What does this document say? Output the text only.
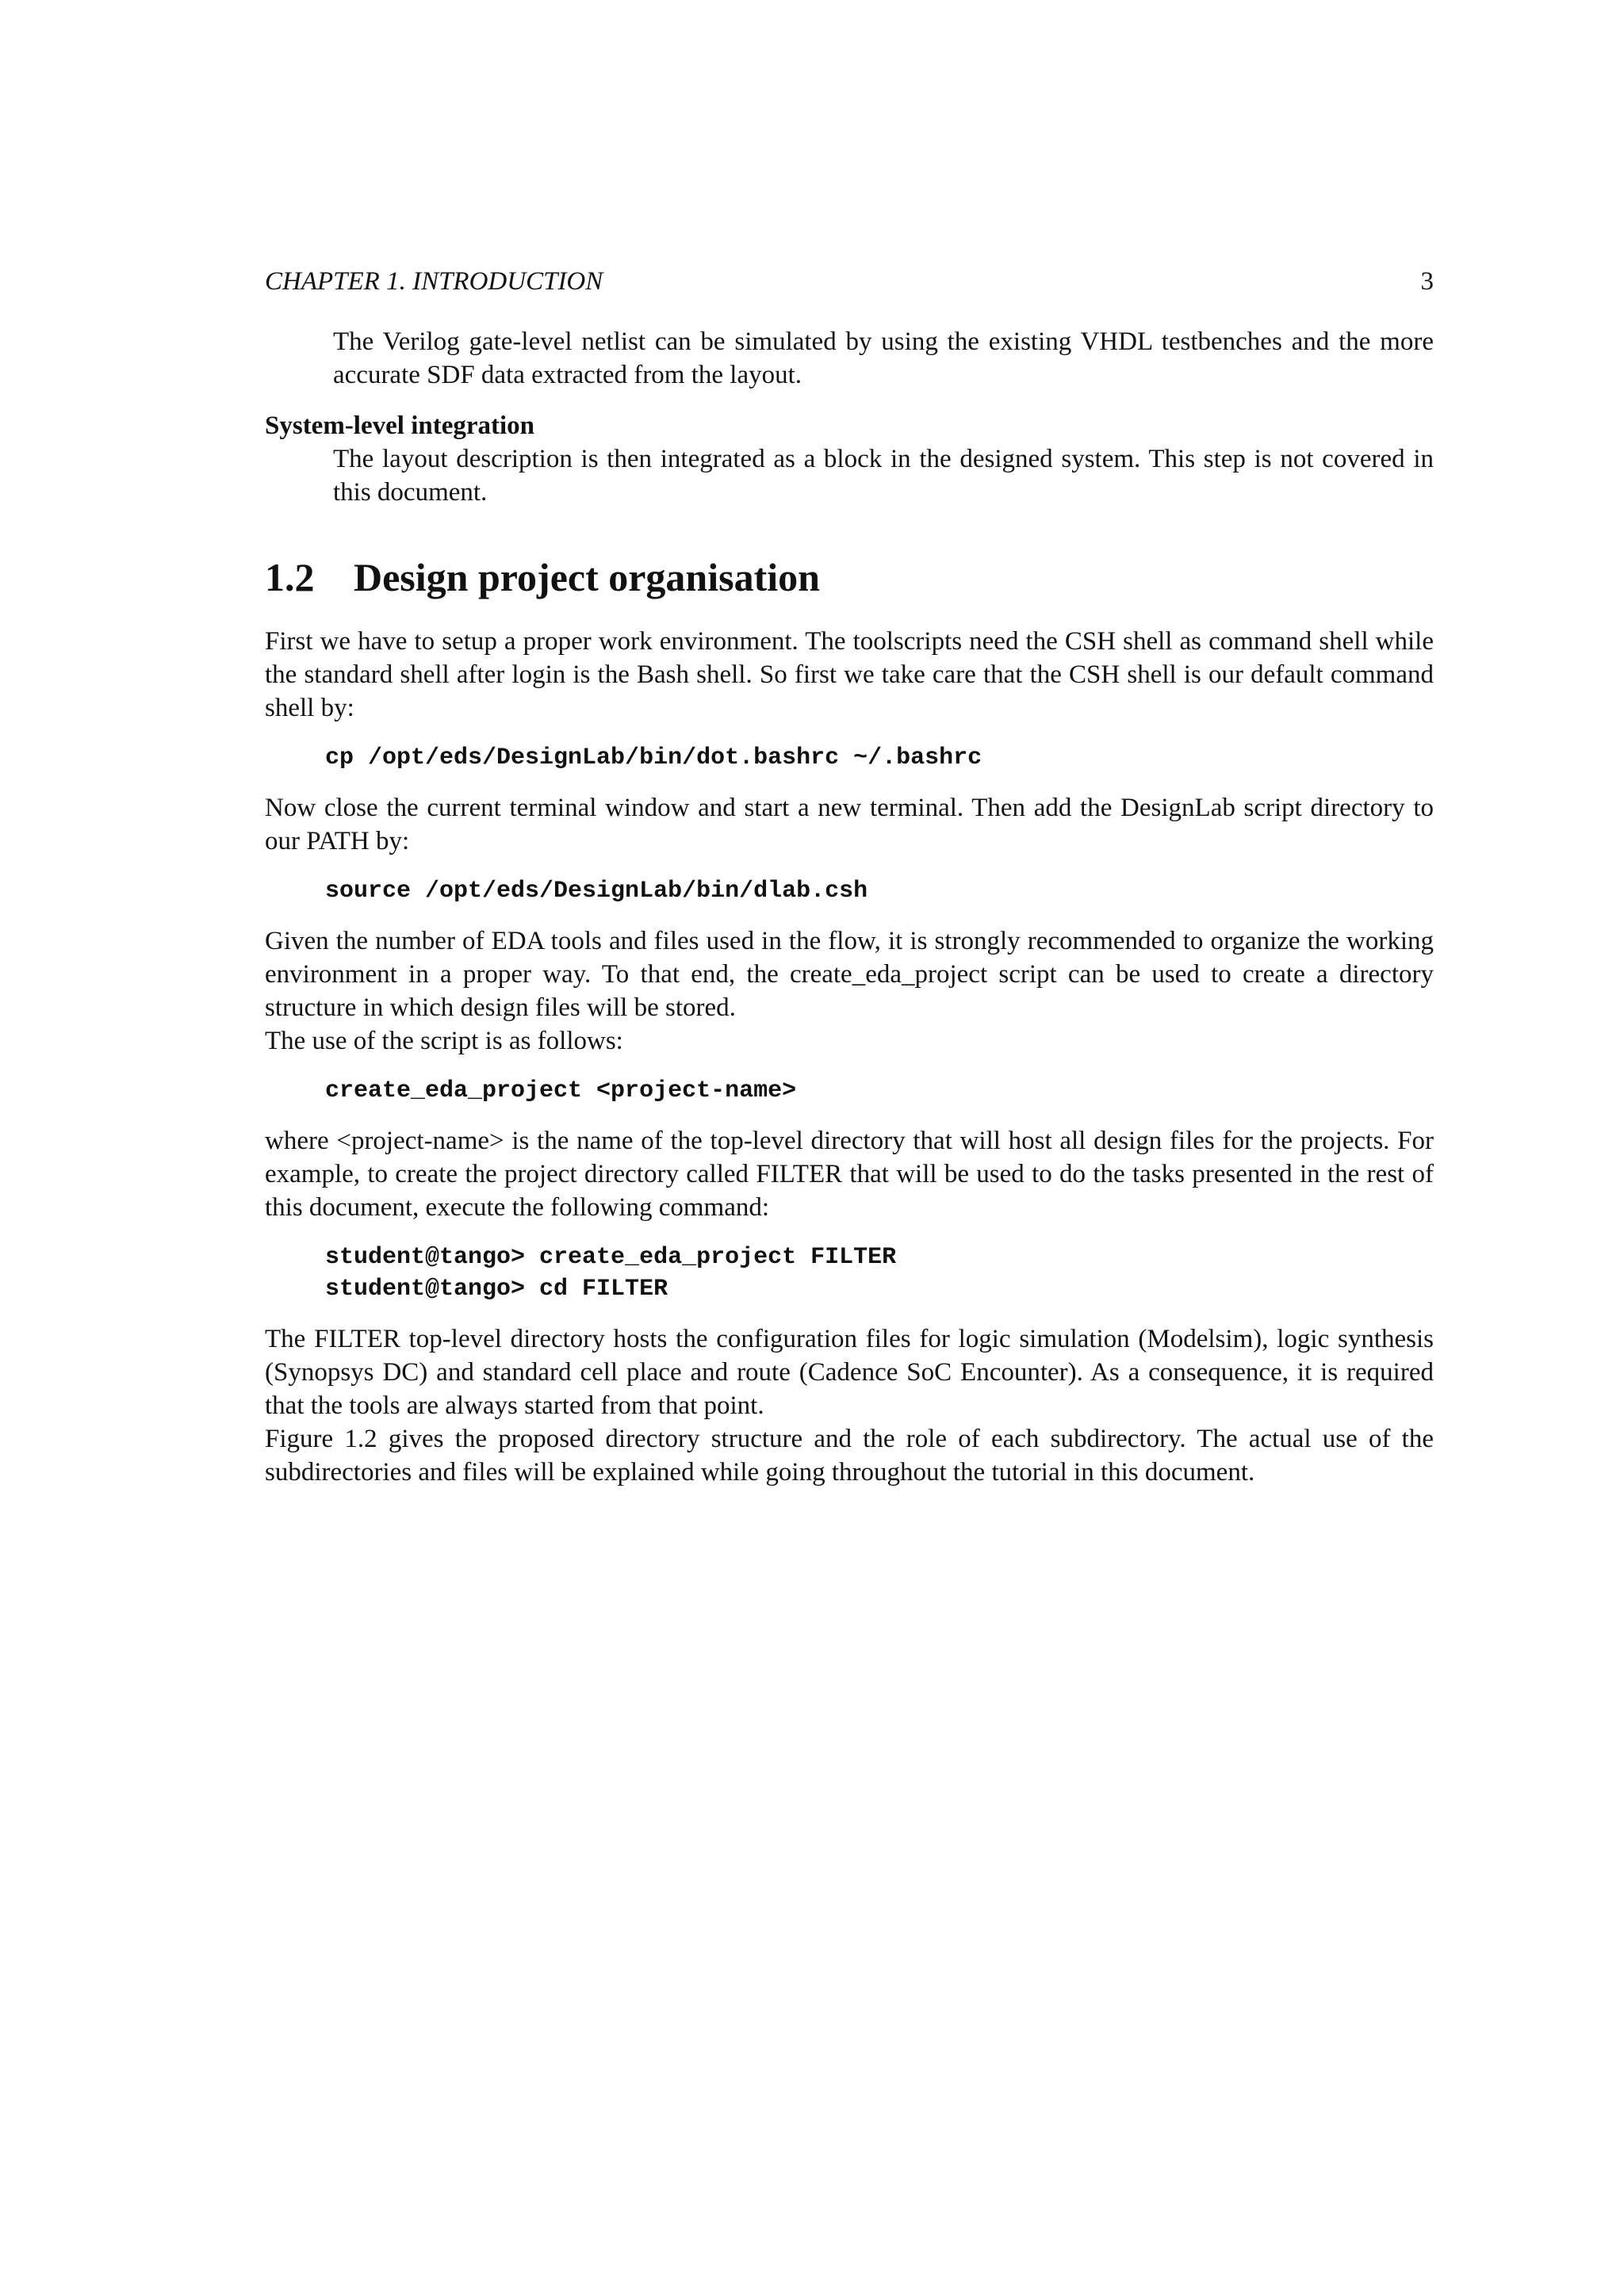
CHAPTER 1. INTRODUCTION	3

The Verilog gate-level netlist can be simulated by using the existing VHDL testbenches and the more accurate SDF data extracted from the layout.

System-level integration

The layout description is then integrated as a block in the designed system. This step is not covered in this document.

1.2 Design project organisation

First we have to setup a proper work environment. The toolscripts need the CSH shell as command shell while the standard shell after login is the Bash shell. So first we take care that the CSH shell is our default command shell by:

cp /opt/eds/DesignLab/bin/dot.bashrc ~/.bashrc

Now close the current terminal window and start a new terminal. Then add the DesignLab script directory to our PATH by:

source /opt/eds/DesignLab/bin/dlab.csh

Given the number of EDA tools and files used in the flow, it is strongly recommended to organize the working environment in a proper way. To that end, the create_eda_project script can be used to create a directory structure in which design files will be stored.

The use of the script is as follows:

create_eda_project <project-name>

where <project-name> is the name of the top-level directory that will host all design files for the projects. For example, to create the project directory called FILTER that will be used to do the tasks presented in the rest of this document, execute the following command:

student@tango> create_eda_project FILTER
student@tango> cd FILTER

The FILTER top-level directory hosts the configuration files for logic simulation (Modelsim), logic synthesis (Synopsys DC) and standard cell place and route (Cadence SoC Encounter). As a consequence, it is required that the tools are always started from that point.

Figure 1.2 gives the proposed directory structure and the role of each subdirectory. The actual use of the subdirectories and files will be explained while going throughout the tutorial in this document.
